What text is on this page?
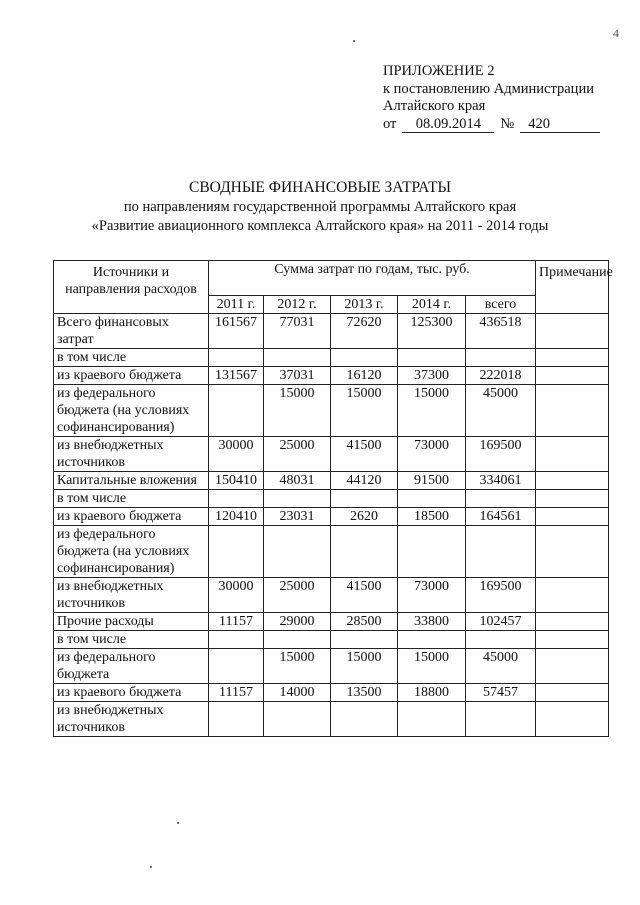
4
ПРИЛОЖЕНИЕ 2
к постановлению Администрации
Алтайского края
от	08.09.2014	№ 420
СВОДНЫЕ ФИНАНСОВЫЕ ЗАТРАТЫ
по направлениям государственной программы Алтайского края
«Развитие авиационного комплекса Алтайского края» на 2011 - 2014 годы
Источники и направления расходов	Сумма затрат по годам, тыс. руб.					Примечание
	2011 г.	2012 г.	2013 г.	2014 г.	всего	
Всего финансовых затрат	161567	77031	72620	125300	436518	
в том числе						
из краевого бюджета	131567	37031	16120	37300	222018	
из федерального бюджета (на условиях софинансирования)		15000	15000	15000	45000	
из внебюджетных источников	30000	25000	41500	73000	169500	
Капитальные вложения	150410	48031	44120	91500	334061	
в том числе						
из краевого бюджета	120410	23031	2620	18500	164561	
из федерального бюджета (на условиях софинансирования)						
из внебюджетных источников	30000	25000	41500	73000	169500	
Прочие расходы	11157	29000	28500	33800	102457	
в том числе						
из федерального бюджета		15000	15000	15000	45000	
из краевого бюджета	11157	14000	13500	18800	57457	
из внебюджетных источников						
